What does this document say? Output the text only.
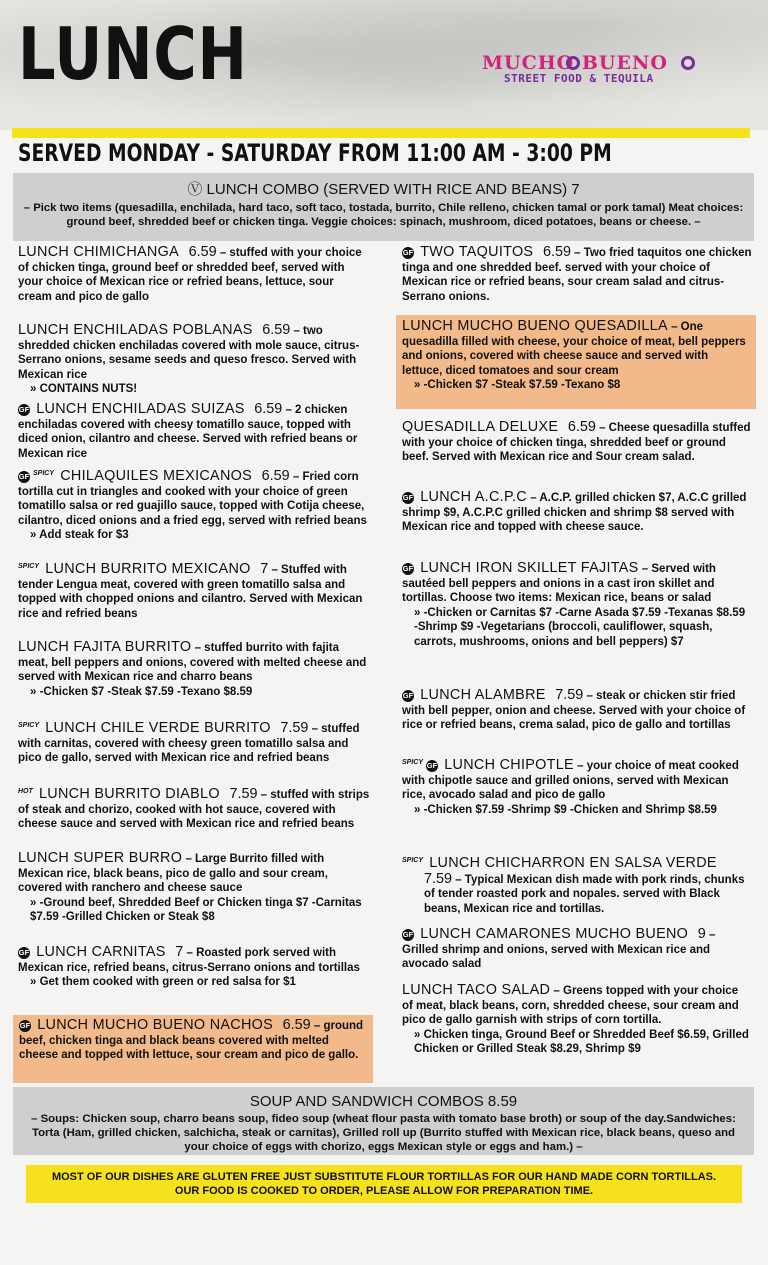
LUNCH	MUCHO BUENO
STREET FOOD & TEQUILA
SERVED MONDAY - SATURDAY FROM 11:00 AM - 3:00 PM
Ⓥ LUNCH COMBO (SERVED WITH RICE AND BEANS) 7
– Pick two items (quesadilla, enchilada, hard taco, soft taco, tostada, burrito, Chile relleno, chicken tamal or pork tamal) Meat choices: ground beef, shredded beef or chicken tinga. Veggie choices: spinach, mushroom, diced potatoes, beans or cheese. –
LUNCH CHIMICHANGA 6.59 – stuffed with your choice of chicken tinga, ground beef or shredded beef, served with your choice of Mexican rice or refried beans, lettuce, sour cream and pico de gallo
LUNCH ENCHILADAS POBLANAS 6.59 – two shredded chicken enchiladas covered with mole sauce, citrus-Serrano onions, sesame seeds and queso fresco. Served with Mexican rice
» CONTAINS NUTS!
GF LUNCH ENCHILADAS SUIZAS 6.59 – 2 chicken enchiladas covered with cheesy tomatillo sauce, topped with diced onion, cilantro and cheese. Served with refried beans or Mexican rice
GF $^{SPICY}$ CHILAQUILES MEXICANOS 6.59 – Fried corn tortilla cut in triangles and cooked with your choice of green tomatillo salsa or red guajillo sauce, topped with Cotija cheese, cilantro, diced onions and a fried egg, served with refried beans
» Add steak for $3
$^{SPICY}$ LUNCH BURRITO MEXICANO 7 – Stuffed with tender Lengua meat, covered with green tomatillo salsa and topped with chopped onions and cilantro. Served with Mexican rice and refried beans
LUNCH FAJITA BURRITO – stuffed burrito with fajita meat, bell peppers and onions, covered with melted cheese and served with Mexican rice and charro beans
» -Chicken $7 -Steak $7.59 -Texano $8.59
$^{SPICY}$ LUNCH CHILE VERDE BURRITO 7.59 – stuffed with carnitas, covered with cheesy green tomatillo salsa and pico de gallo, served with Mexican rice and refried beans
$^{HOT}$ LUNCH BURRITO DIABLO 7.59 – stuffed with strips of steak and chorizo, cooked with hot sauce, covered with cheese sauce and served with Mexican rice and refried beans
LUNCH SUPER BURRO – Large Burrito filled with Mexican rice, black beans, pico de gallo and sour cream, covered with ranchero and cheese sauce
» -Ground beef, Shredded Beef or Chicken tinga $7 -Carnitas $7.59 -Grilled Chicken or Steak $8
GF LUNCH CARNITAS 7 – Roasted pork served with Mexican rice, refried beans, citrus-Serrano onions and tortillas
» Get them cooked with green or red salsa for $1
GF LUNCH MUCHO BUENO NACHOS 6.59 – ground beef, chicken tinga and black beans covered with melted cheese and topped with lettuce, sour cream and pico de gallo.
GF TWO TAQUITOS 6.59 – Two fried taquitos one chicken tinga and one shredded beef. served with your choice of Mexican rice or refried beans, sour cream salad and citrus-Serrano onions.
LUNCH MUCHO BUENO QUESADILLA – One quesadilla filled with cheese, your choice of meat, bell peppers and onions, covered with cheese sauce and served with lettuce, diced tomatoes and sour cream
» -Chicken $7 -Steak $7.59 -Texano $8
QUESADILLA DELUXE 6.59 – Cheese quesadilla stuffed with your choice of chicken tinga, shredded beef or ground beef. Served with Mexican rice and Sour cream salad.
GF LUNCH A.C.P.C – A.C.P. grilled chicken $7, A.C.C grilled shrimp $9, A.C.P.C grilled chicken and shrimp $8 served with Mexican rice and topped with cheese sauce.
GF LUNCH IRON SKILLET FAJITAS – Served with sautéed bell peppers and onions in a cast iron skillet and tortillas. Choose two items: Mexican rice, beans or salad
» -Chicken or Carnitas $7 -Carne Asada $7.59 -Texanas $8.59 -Shrimp $9 -Vegetarians (broccoli, cauliflower, squash, carrots, mushrooms, onions and bell peppers) $7
GF LUNCH ALAMBRE 7.59 – steak or chicken stir fried with bell pepper, onion and cheese. Served with your choice of rice or refried beans, crema salad, pico de gallo and tortillas
$^{SPICY}$ GF LUNCH CHIPOTLE – your choice of meat cooked with chipotle sauce and grilled onions, served with Mexican rice, avocado salad and pico de gallo
» -Chicken $7.59 -Shrimp $9 -Chicken and Shrimp $8.59
$^{SPICY}$ LUNCH CHICHARRON EN SALSA VERDE
7.59 – Typical Mexican dish made with pork rinds, chunks of tender roasted pork and nopales. served with Black beans, Mexican rice and tortillas.
GF LUNCH CAMARONES MUCHO BUENO 9 – Grilled shrimp and onions, served with Mexican rice and avocado salad
LUNCH TACO SALAD – Greens topped with your choice of meat, black beans, corn, shredded cheese, sour cream and pico de gallo garnish with strips of corn tortilla.
» Chicken tinga, Ground Beef or Shredded Beef $6.59, Grilled Chicken or Grilled Steak $8.29, Shrimp $9
SOUP AND SANDWICH COMBOS 8.59
– Soups: Chicken soup, charro beans soup, fideo soup (wheat flour pasta with tomato base broth) or soup of the day.Sandwiches: Torta (Ham, grilled chicken, salchicha, steak or carnitas), Grilled roll up (Burrito stuffed with Mexican rice, black beans, queso and your choice of eggs with chorizo, eggs Mexican style or eggs and ham.) –
MOST OF OUR DISHES ARE GLUTEN FREE JUST SUBSTITUTE FLOUR TORTILLAS FOR OUR HAND MADE CORN TORTILLAS.
OUR FOOD IS COOKED TO ORDER, PLEASE ALLOW FOR PREPARATION TIME.
